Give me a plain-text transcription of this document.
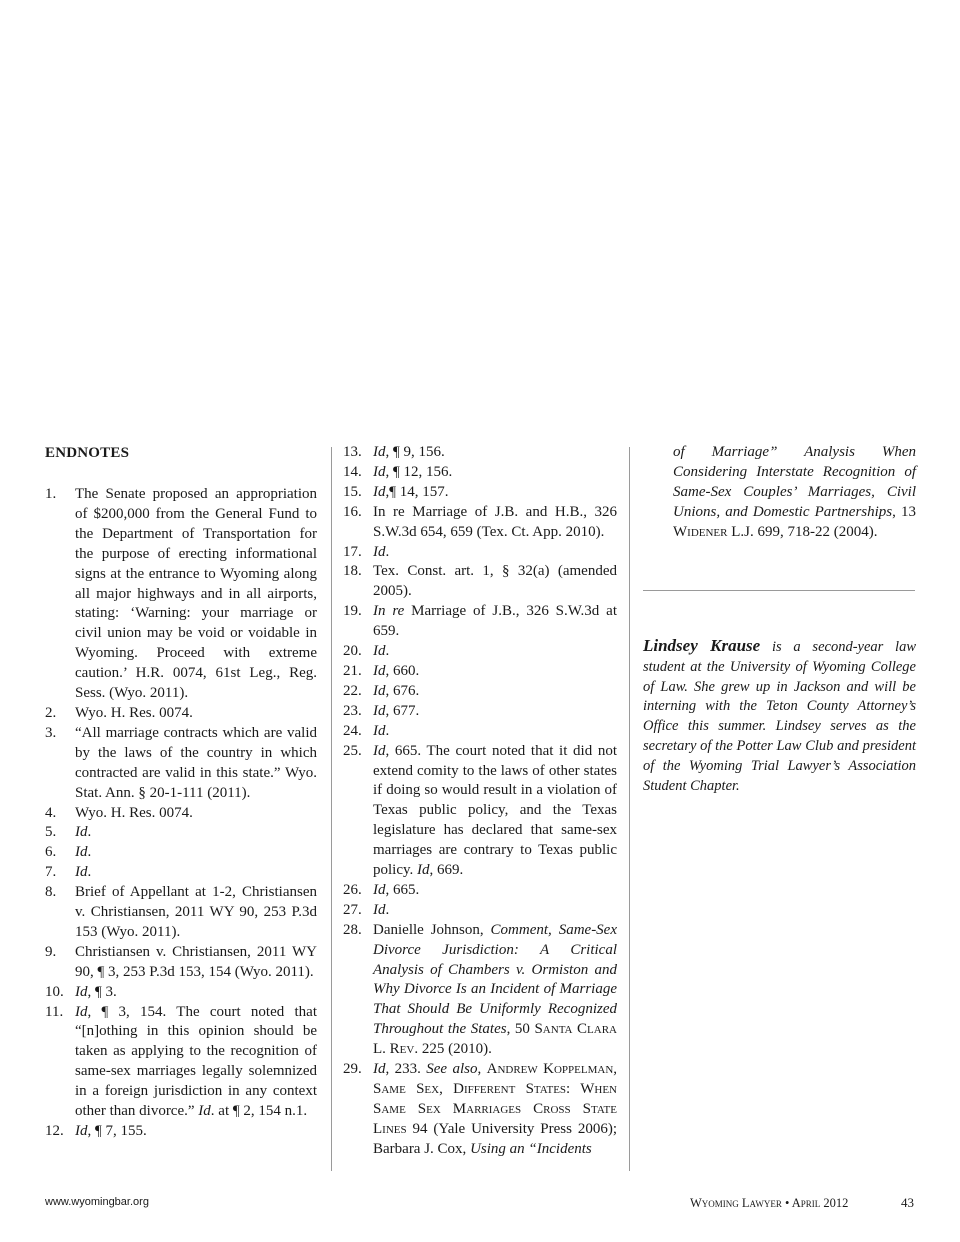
ENDNOTES
1.	The Senate proposed an appropriation of $200,000 from the General Fund to the Department of Transportation for the purpose of erecting informational signs at the entrance to Wyoming along all major highways and in all airports, stating: ‘Warning: your marriage or civil union may be void or voidable in Wyoming. Proceed with extreme caution.’ H.R. 0074, 61st Leg., Reg. Sess. (Wyo. 2011).
2.	Wyo. H. Res. 0074.
3.	“All marriage contracts which are valid by the laws of the country in which contracted are valid in this state.” Wyo. Stat. Ann. § 20-1-111 (2011).
4.	Wyo. H. Res. 0074.
5.	Id.
6.	Id.
7.	Id.
8.	Brief of Appellant at 1-2, Christiansen v. Christiansen, 2011 WY 90, 253 P.3d 153 (Wyo. 2011).
9.	Christiansen v. Christiansen, 2011 WY 90, ¶ 3, 253 P.3d 153, 154 (Wyo. 2011).
10. Id, ¶ 3.
11. Id, ¶ 3, 154. The court noted that “[n]othing in this opinion should be taken as applying to the recognition of same-sex marriages legally solemnized in a foreign jurisdiction in any context other than divorce.” Id. at ¶ 2, 154 n.1.
12. Id, ¶ 7, 155.
13. Id, ¶ 9, 156.
14. Id, ¶ 12, 156.
15. Id,¶ 14, 157.
16. In re Marriage of J.B. and H.B., 326 S.W.3d 654, 659 (Tex. Ct. App. 2010).
17. Id.
18. Tex. Const. art. 1, § 32(a) (amended 2005).
19. In re Marriage of J.B., 326 S.W.3d at 659.
20. Id.
21. Id, 660.
22. Id, 676.
23. Id, 677.
24. Id.
25. Id, 665. The court noted that it did not extend comity to the laws of other states if doing so would result in a violation of Texas public policy, and the Texas legislature has declared that same-sex marriages are contrary to Texas public policy. Id, 669.
26. Id, 665.
27. Id.
28. Danielle Johnson, Comment, Same-Sex Divorce Jurisdiction: A Critical Analysis of Chambers v. Ormiston and Why Divorce Is an Incident of Marriage That Should Be Uniformly Recognized Throughout the States, 50 Santa Clara L. Rev. 225 (2010).
29. Id, 233. See also, Andrew Koppelman, Same Sex, Different States: When Same Sex Marriages Cross State Lines 94 (Yale University Press 2006); Barbara J. Cox, Using an “Incidents
of Marriage” Analysis When Considering Interstate Recognition of Same-Sex Couples’ Marriages, Civil Unions, and Domestic Partnerships, 13 Widener L.J. 699, 718-22 (2004).
Lindsey Krause is a second-year law student at the University of Wyoming College of Law. She grew up in Jackson and will be interning with the Teton County Attorney’s Office this summer. Lindsey serves as the secretary of the Potter Law Club and president of the Wyoming Trial Lawyer’s Association Student Chapter.
www.wyomingbar.org	Wyoming Lawyer • April 2012	43
